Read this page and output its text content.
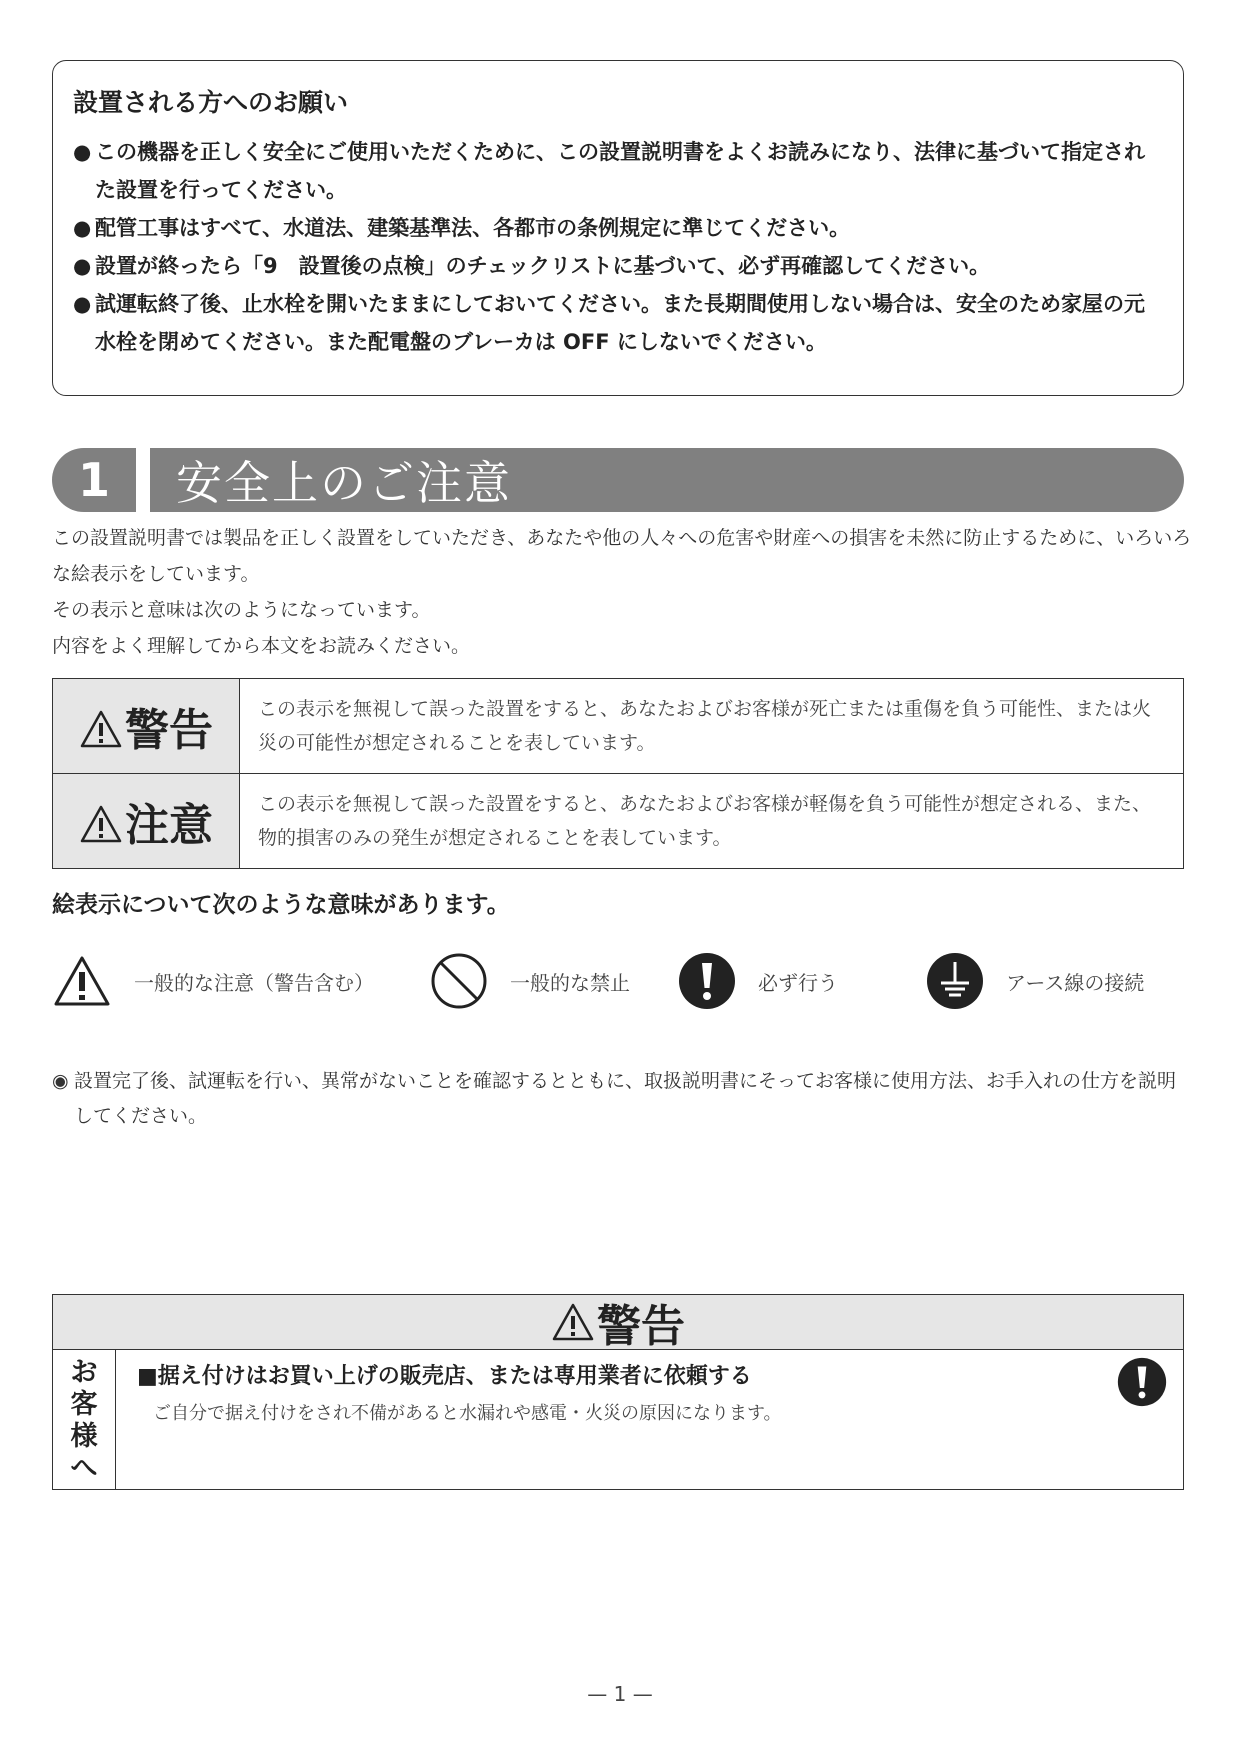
設置される方へのお願い
● この機器を正しく安全にご使用いただくために、この設置説明書をよくお読みになり、法律に基づいて指定された設置を行ってください。
● 配管工事はすべて、水道法、建築基準法、各都市の条例規定に準じてください。
● 設置が終ったら「9　設置後の点検」のチェックリストに基づいて、必ず再確認してください。
● 試運転終了後、止水栓を開いたままにしておいてください。また長期間使用しない場合は、安全のため家屋の元水栓を閉めてください。また配電盤のブレーカは OFF にしないでください。
1	安全上のご注意

この設置説明書では製品を正しく設置をしていただき、あなたや他の人々への危害や財産への損害を未然に防止するために、いろいろな絵表示をしています。

その表示と意味は次のようになっています。

内容をよく理解してから本文をお読みください。

警告	この表示を無視して誤った設置をすると、あなたおよびお客様が死亡または重傷を負う可能性、または火災の可能性が想定されることを表しています。
注意	この表示を無視して誤った設置をすると、あなたおよびお客様が軽傷を負う可能性が想定される、また、物的損害のみの発生が想定されることを表しています。
絵表示について次のような意味があります。
一般的な注意（警告含む）	一般的な禁止	必ず行う	アース線の接続
◉ 設置完了後、試運転を行い、異常がないことを確認するとともに、取扱説明書にそってお客様に使用方法、お手入れの仕方を説明してください。
警告
お
客
様
へ
■据え付けはお買い上げの販売店、または専用業者に依頼する
ご自分で据え付けをされ不備があると水漏れや感電・火災の原因になります。
— 1 —
